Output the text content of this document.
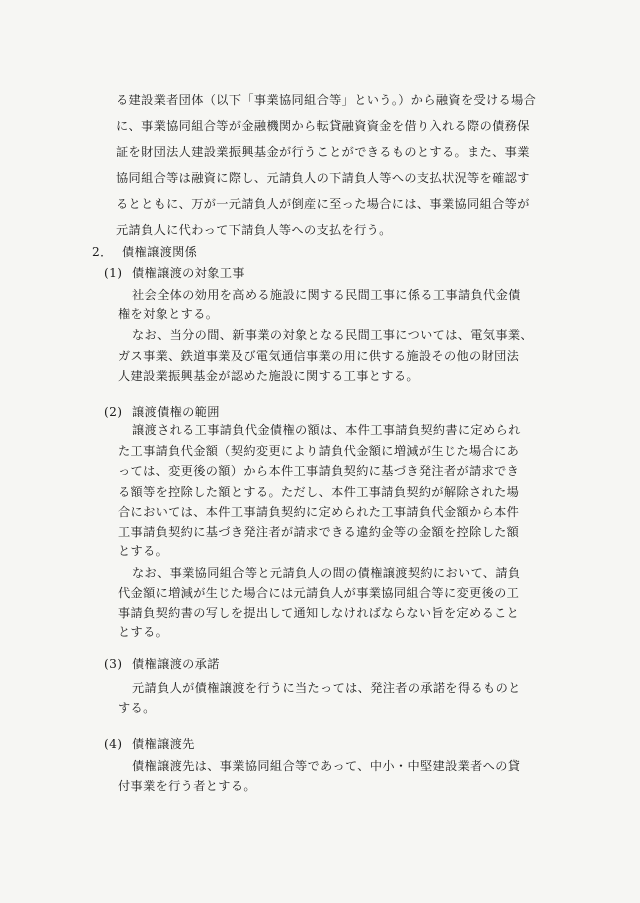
る建設業者団体（以下「事業協同組合等」という。）から融資を受ける場合
に、事業協同組合等が金融機関から転貸融資資金を借り入れる際の債務保
証を財団法人建設業振興基金が行うことができるものとする。また、事業
協同組合等は融資に際し、元請負人の下請負人等への支払状況等を確認す
るとともに、万が一元請負人が倒産に至った場合には、事業協同組合等が
元請負人に代わって下請負人等への支払を行う。
2． 債権譲渡関係
(1) 債権譲渡の対象工事
社会全体の効用を高める施設に関する民間工事に係る工事請負代金債
権を対象とする。
なお、当分の間、新事業の対象となる民間工事については、電気事業、
ガス事業、鉄道事業及び電気通信事業の用に供する施設その他の財団法
人建設業振興基金が認めた施設に関する工事とする。
(2) 譲渡債権の範囲
譲渡される工事請負代金債権の額は、本件工事請負契約書に定められ
た工事請負代金額（契約変更により請負代金額に増減が生じた場合にあ
っては、変更後の額）から本件工事請負契約に基づき発注者が請求でき
る額等を控除した額とする。ただし、本件工事請負契約が解除された場
合においては、本件工事請負契約に定められた工事請負代金額から本件
工事請負契約に基づき発注者が請求できる違約金等の金額を控除した額
とする。
なお、事業協同組合等と元請負人の間の債権譲渡契約において、請負
代金額に増減が生じた場合には元請負人が事業協同組合等に変更後の工
事請負契約書の写しを提出して通知しなければならない旨を定めること
とする。
(3) 債権譲渡の承諾
元請負人が債権譲渡を行うに当たっては、発注者の承諾を得るものと
する。
(4) 債権譲渡先
債権譲渡先は、事業協同組合等であって、中小・中堅建設業者への貸
付事業を行う者とする。
